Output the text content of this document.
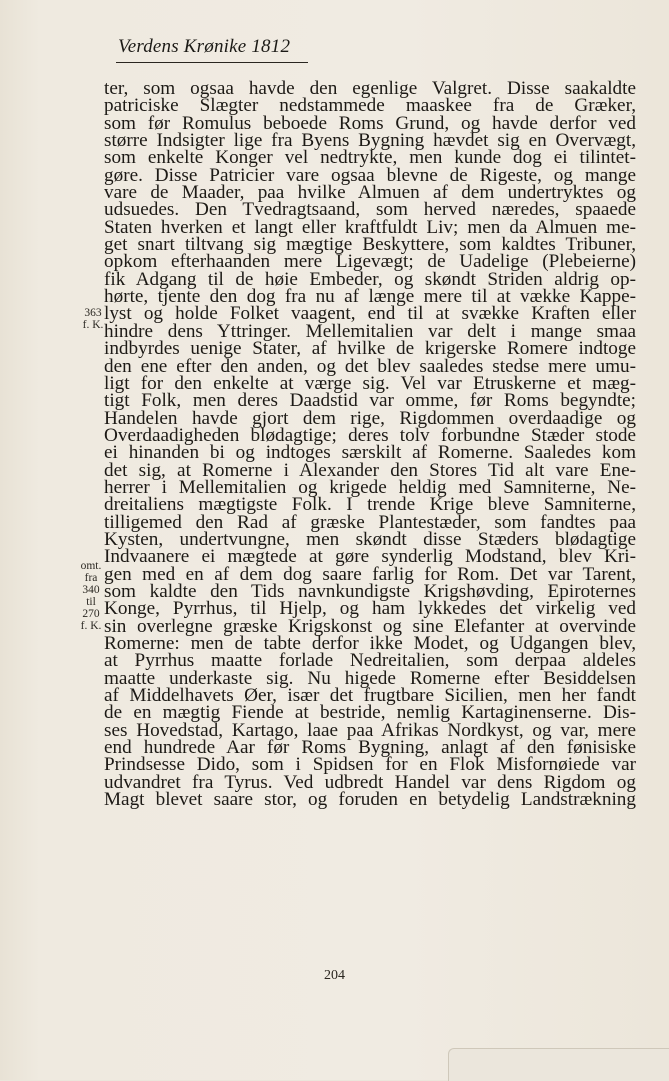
Verdens Krønike 1812
363
f. K.
omt.
fra
340
til
270
f. K.
ter, som ogsaa havde den egenlige Valgret. Disse saakaldte
patriciske Slægter nedstammede maaskee fra de Græker,
som før Romulus beboede Roms Grund, og havde derfor ved
større Indsigter lige fra Byens Bygning hævdet sig en Overvægt,
som enkelte Konger vel nedtrykte, men kunde dog ei tilintet-
gøre. Disse Patricier vare ogsaa blevne de Rigeste, og mange
vare de Maader, paa hvilke Almuen af dem undertryktes og
udsuedes. Den Tvedragtsaand, som herved næredes, spaaede
Staten hverken et langt eller kraftfuldt Liv; men da Almuen me-
get snart tiltvang sig mægtige Beskyttere, som kaldtes Tribuner,
opkom efterhaanden mere Ligevægt; de Uadelige (Plebeierne)
fik Adgang til de høie Embeder, og skøndt Striden aldrig op-
hørte, tjente den dog fra nu af længe mere til at vække Kappe-
lyst og holde Folket vaagent, end til at svække Kraften eller
hindre dens Yttringer. Mellemitalien var delt i mange smaa
indbyrdes uenige Stater, af hvilke de krigerske Romere indtoge
den ene efter den anden, og det blev saaledes stedse mere umu-
ligt for den enkelte at værge sig. Vel var Etruskerne et mæg-
tigt Folk, men deres Daadstid var omme, før Roms begyndte;
Handelen havde gjort dem rige, Rigdommen overdaadige og
Overdaadigheden blødagtige; deres tolv forbundne Stæder stode
ei hinanden bi og indtoges særskilt af Romerne. Saaledes kom
det sig, at Romerne i Alexander den Stores Tid alt vare Ene-
herrer i Mellemitalien og krigede heldig med Samniterne, Ne-
dreitaliens mægtigste Folk. I trende Krige bleve Samniterne,
tilligemed den Rad af græske Plantestæder, som fandtes paa
Kysten, undertvungne, men skøndt disse Stæders blødagtige
Indvaanere ei mægtede at gøre synderlig Modstand, blev Kri-
gen med en af dem dog saare farlig for Rom. Det var Tarent,
som kaldte den Tids navnkundigste Krigshøvding, Epiroternes
Konge, Pyrrhus, til Hjelp, og ham lykkedes det virkelig ved
sin overlegne græske Krigskonst og sine Elefanter at overvinde
Romerne: men de tabte derfor ikke Modet, og Udgangen blev,
at Pyrrhus maatte forlade Nedreitalien, som derpaa aldeles
maatte underkaste sig. Nu higede Romerne efter Besiddelsen
af Middelhavets Øer, især det frugtbare Sicilien, men her fandt
de en mægtig Fiende at bestride, nemlig Kartaginenserne. Dis-
ses Hovedstad, Kartago, laae paa Afrikas Nordkyst, og var, mere
end hundrede Aar før Roms Bygning, anlagt af den fønisiske
Prindsesse Dido, som i Spidsen for en Flok Misfornøiede var
udvandret fra Tyrus. Ved udbredt Handel var dens Rigdom og
Magt blevet saare stor, og foruden en betydelig Landstrækning
204
